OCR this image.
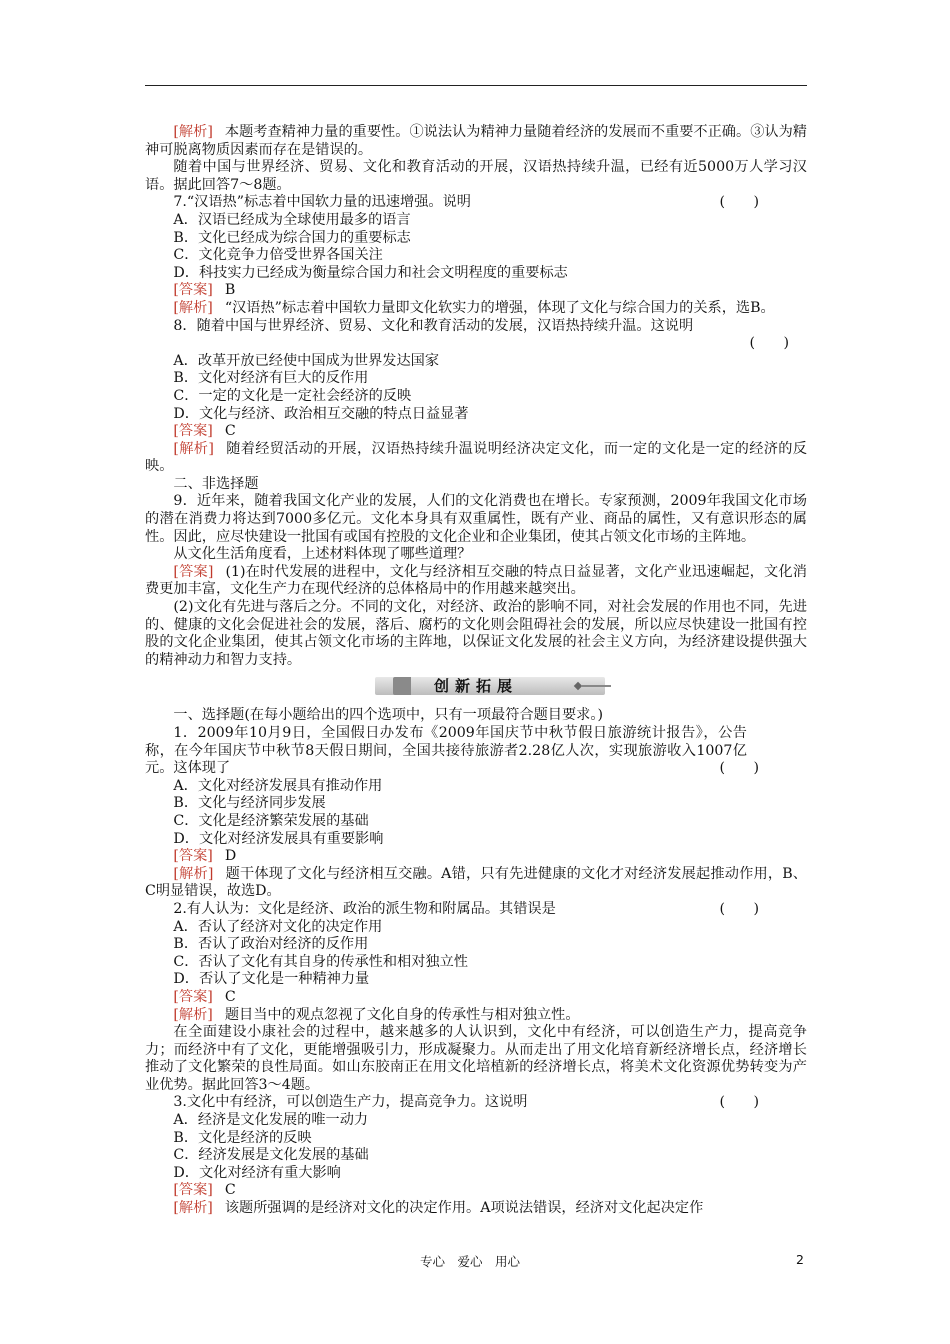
[解析] 本题考查精神力量的重要性。①说法认为精神力量随着经济的发展而不重要不正确。③认为精神可脱离物质因素而存在是错误的。

随着中国与世界经济、贸易、文化和教育活动的开展，汉语热持续升温，已经有近5000万人学习汉语。据此回答7～8题。

7.“汉语热”标志着中国软力量的迅速增强。说明	(　　)

A．汉语已经成为全球使用最多的语言

B．文化已经成为综合国力的重要标志

C．文化竞争力倍受世界各国关注

D．科技实力已经成为衡量综合国力和社会文明程度的重要标志

[答案] B

[解析] “汉语热”标志着中国软力量即文化软实力的增强，体现了文化与综合国力的关系，选B。

8．随着中国与世界经济、贸易、文化和教育活动的发展，汉语热持续升温。这说明
(　　)

A．改革开放已经使中国成为世界发达国家

B．文化对经济有巨大的反作用

C．一定的文化是一定社会经济的反映

D．文化与经济、政治相互交融的特点日益显著

[答案] C

[解析] 随着经贸活动的开展，汉语热持续升温说明经济决定文化，而一定的文化是一定的经济的反映。

二、非选择题

9．近年来，随着我国文化产业的发展，人们的文化消费也在增长。专家预测，2009年我国文化市场的潜在消费力将达到7000多亿元。文化本身具有双重属性，既有产业、商品的属性，又有意识形态的属性。因此，应尽快建设一批国有或国有控股的文化企业和企业集团，使其占领文化市场的主阵地。

从文化生活角度看，上述材料体现了哪些道理？

[答案] (1)在时代发展的进程中，文化与经济相互交融的特点日益显著，文化产业迅速崛起，文化消费更加丰富，文化生产力在现代经济的总体格局中的作用越来越突出。

(2)文化有先进与落后之分。不同的文化，对经济、政治的影响不同，对社会发展的作用也不同，先进的、健康的文化会促进社会的发展，落后、腐朽的文化则会阻碍社会的发展，所以应尽快建设一批国有控股的文化企业集团，使其占领文化市场的主阵地，以保证文化发展的社会主义方向，为经济建设提供强大的精神动力和智力支持。

创新拓展

一、选择题(在每小题给出的四个选项中，只有一项最符合题目要求。)

1．2009年10月9日，全国假日办发布《2009年国庆节中秋节假日旅游统计报告》，公告称，在今年国庆节中秋节8天假日期间，全国共接待旅游者2.28亿人次，实现旅游收入1007亿元。这体现了	(　　)

A．文化对经济发展具有推动作用

B．文化与经济同步发展

C．文化是经济繁荣发展的基础

D．文化对经济发展具有重要影响

[答案] D

[解析] 题干体现了文化与经济相互交融。A错，只有先进健康的文化才对经济发展起推动作用，B、C明显错误，故选D。

2.有人认为：文化是经济、政治的派生物和附属品。其错误是	(　　)

A．否认了经济对文化的决定作用

B．否认了政治对经济的反作用

C．否认了文化有其自身的传承性和相对独立性

D．否认了文化是一种精神力量

[答案] C

[解析] 题目当中的观点忽视了文化自身的传承性与相对独立性。

在全面建设小康社会的过程中，越来越多的人认识到，文化中有经济，可以创造生产力，提高竞争力；而经济中有了文化，更能增强吸引力，形成凝聚力。从而走出了用文化培育新经济增长点，经济增长推动了文化繁荣的良性局面。如山东胶南正在用文化培植新的经济增长点，将美术文化资源优势转变为产业优势。据此回答3～4题。

3.文化中有经济，可以创造生产力，提高竞争力。这说明	(　　)

A．经济是文化发展的唯一动力

B．文化是经济的反映

C．经济发展是文化发展的基础

D．文化对经济有重大影响

[答案] C

[解析] 该题所强调的是经济对文化的决定作用。A项说法错误，经济对文化起决定作

专心　爱心　用心	2
